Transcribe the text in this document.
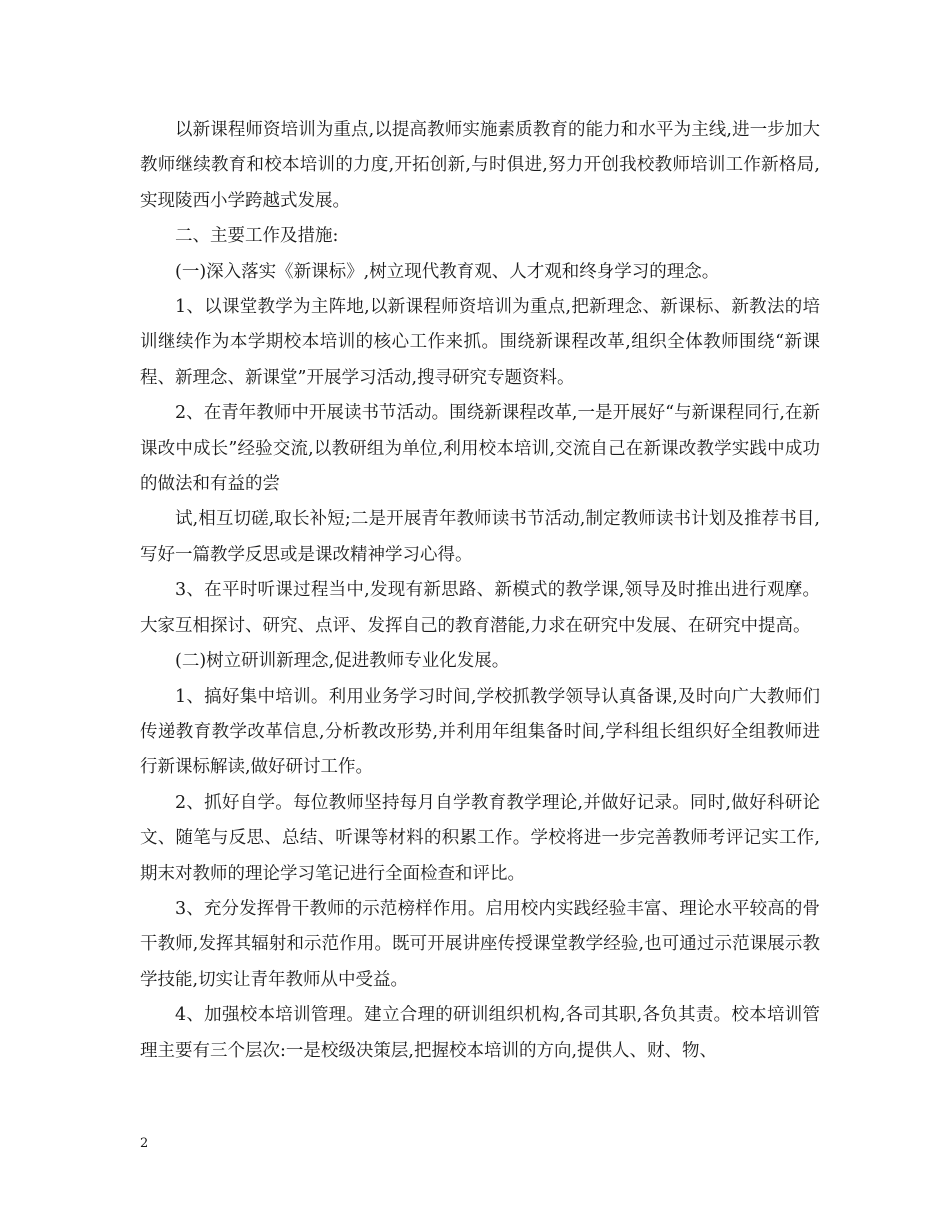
以新课程师资培训为重点,以提高教师实施素质教育的能力和水平为主线,进一步加大教师继续教育和校本培训的力度,开拓创新,与时俱进,努力开创我校教师培训工作新格局,实现陵西小学跨越式发展。

二、主要工作及措施:

(一)深入落实《新课标》,树立现代教育观、人才观和终身学习的理念。

1、以课堂教学为主阵地,以新课程师资培训为重点,把新理念、新课标、新教法的培训继续作为本学期校本培训的核心工作来抓。围绕新课程改革,组织全体教师围绕“新课程、新理念、新课堂”开展学习活动,搜寻研究专题资料。

2、在青年教师中开展读书节活动。围绕新课程改革,一是开展好“与新课程同行,在新课改中成长”经验交流,以教研组为单位,利用校本培训,交流自己在新课改教学实践中成功的做法和有益的尝

试,相互切磋,取长补短;二是开展青年教师读书节活动,制定教师读书计划及推荐书目,写好一篇教学反思或是课改精神学习心得。

3、在平时听课过程当中,发现有新思路、新模式的教学课,领导及时推出进行观摩。大家互相探讨、研究、点评、发挥自己的教育潜能,力求在研究中发展、在研究中提高。

(二)树立研训新理念,促进教师专业化发展。

1、搞好集中培训。利用业务学习时间,学校抓教学领导认真备课,及时向广大教师们传递教育教学改革信息,分析教改形势,并利用年组集备时间,学科组长组织好全组教师进行新课标解读,做好研讨工作。

2、抓好自学。每位教师坚持每月自学教育教学理论,并做好记录。同时,做好科研论文、随笔与反思、总结、听课等材料的积累工作。学校将进一步完善教师考评记实工作,期末对教师的理论学习笔记进行全面检查和评比。

3、充分发挥骨干教师的示范榜样作用。启用校内实践经验丰富、理论水平较高的骨干教师,发挥其辐射和示范作用。既可开展讲座传授课堂教学经验,也可通过示范课展示教学技能,切实让青年教师从中受益。

4、加强校本培训管理。建立合理的研训组织机构,各司其职,各负其责。校本培训管理主要有三个层次:一是校级决策层,把握校本培训的方向,提供人、财、物、

2
